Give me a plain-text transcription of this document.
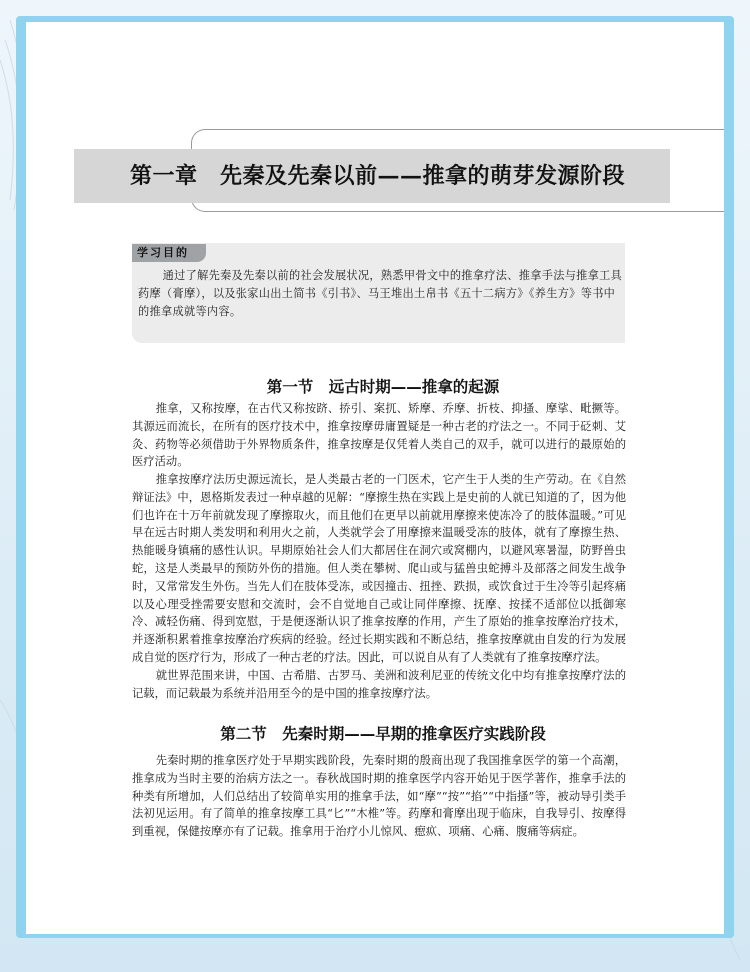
第一章　先秦及先秦以前——推拿的萌芽发源阶段
学习目的

通过了解先秦及先秦以前的社会发展状况，熟悉甲骨文中的推拿疗法、推拿手法与推拿工具药摩（膏摩），以及张家山出土简书《引书》、马王堆出土帛书《五十二病方》《养生方》等书中的推拿成就等内容。

第一节　远古时期——推拿的起源

推拿，又称按摩，在古代又称按跻、挢引、案扤、矫摩、乔摩、折枝、抑搔、摩挲、毗撅等。其源远而流长，在所有的医疗技术中，推拿按摩毋庸置疑是一种古老的疗法之一。不同于砭刺、艾灸、药物等必须借助于外界物质条件，推拿按摩是仅凭着人类自己的双手，就可以进行的最原始的医疗活动。

推拿按摩疗法历史源远流长，是人类最古老的一门医术，它产生于人类的生产劳动。在《自然辩证法》中，恩格斯发表过一种卓越的见解：“摩擦生热在实践上是史前的人就已知道的了，因为他们也许在十万年前就发现了摩擦取火，而且他们在更早以前就用摩擦来使冻冷了的肢体温暖。”可见早在远古时期人类发明和利用火之前，人类就学会了用摩擦来温暖受冻的肢体，就有了摩擦生热、热能暖身镇痛的感性认识。早期原始社会人们大都居住在洞穴或窝棚内，以避风寒暑湿，防野兽虫蛇，这是人类最早的预防外伤的措施。但人类在攀树、爬山或与猛兽虫蛇搏斗及部落之间发生战争时，又常常发生外伤。当先人们在肢体受冻，或因撞击、扭挫、跌损，或饮食过于生冷等引起疼痛以及心理受挫需要安慰和交流时，会不自觉地自己或让同伴摩擦、抚摩、按揉不适部位以抵御寒冷、减轻伤痛、得到宽慰，于是便逐渐认识了推拿按摩的作用，产生了原始的推拿按摩治疗技术，并逐渐积累着推拿按摩治疗疾病的经验。经过长期实践和不断总结，推拿按摩就由自发的行为发展成自觉的医疗行为，形成了一种古老的疗法。因此，可以说自从有了人类就有了推拿按摩疗法。

就世界范围来讲，中国、古希腊、古罗马、美洲和波利尼亚的传统文化中均有推拿按摩疗法的记载，而记载最为系统并沿用至今的是中国的推拿按摩疗法。

第二节　先秦时期——早期的推拿医疗实践阶段

先秦时期的推拿医疗处于早期实践阶段，先秦时期的殷商出现了我国推拿医学的第一个高潮，推拿成为当时主要的治病方法之一。春秋战国时期的推拿医学内容开始见于医学著作，推拿手法的种类有所增加，人们总结出了较简单实用的推拿手法，如“摩”“按”“掐”“中指搔”等，被动导引类手法初见运用。有了简单的推拿按摩工具“匕”“木椎”等。药摩和膏摩出现于临床，自我导引、按摩得到重视，保健按摩亦有了记载。推拿用于治疗小儿惊风、瘛疭、项痛、心痛、腹痛等病症。
